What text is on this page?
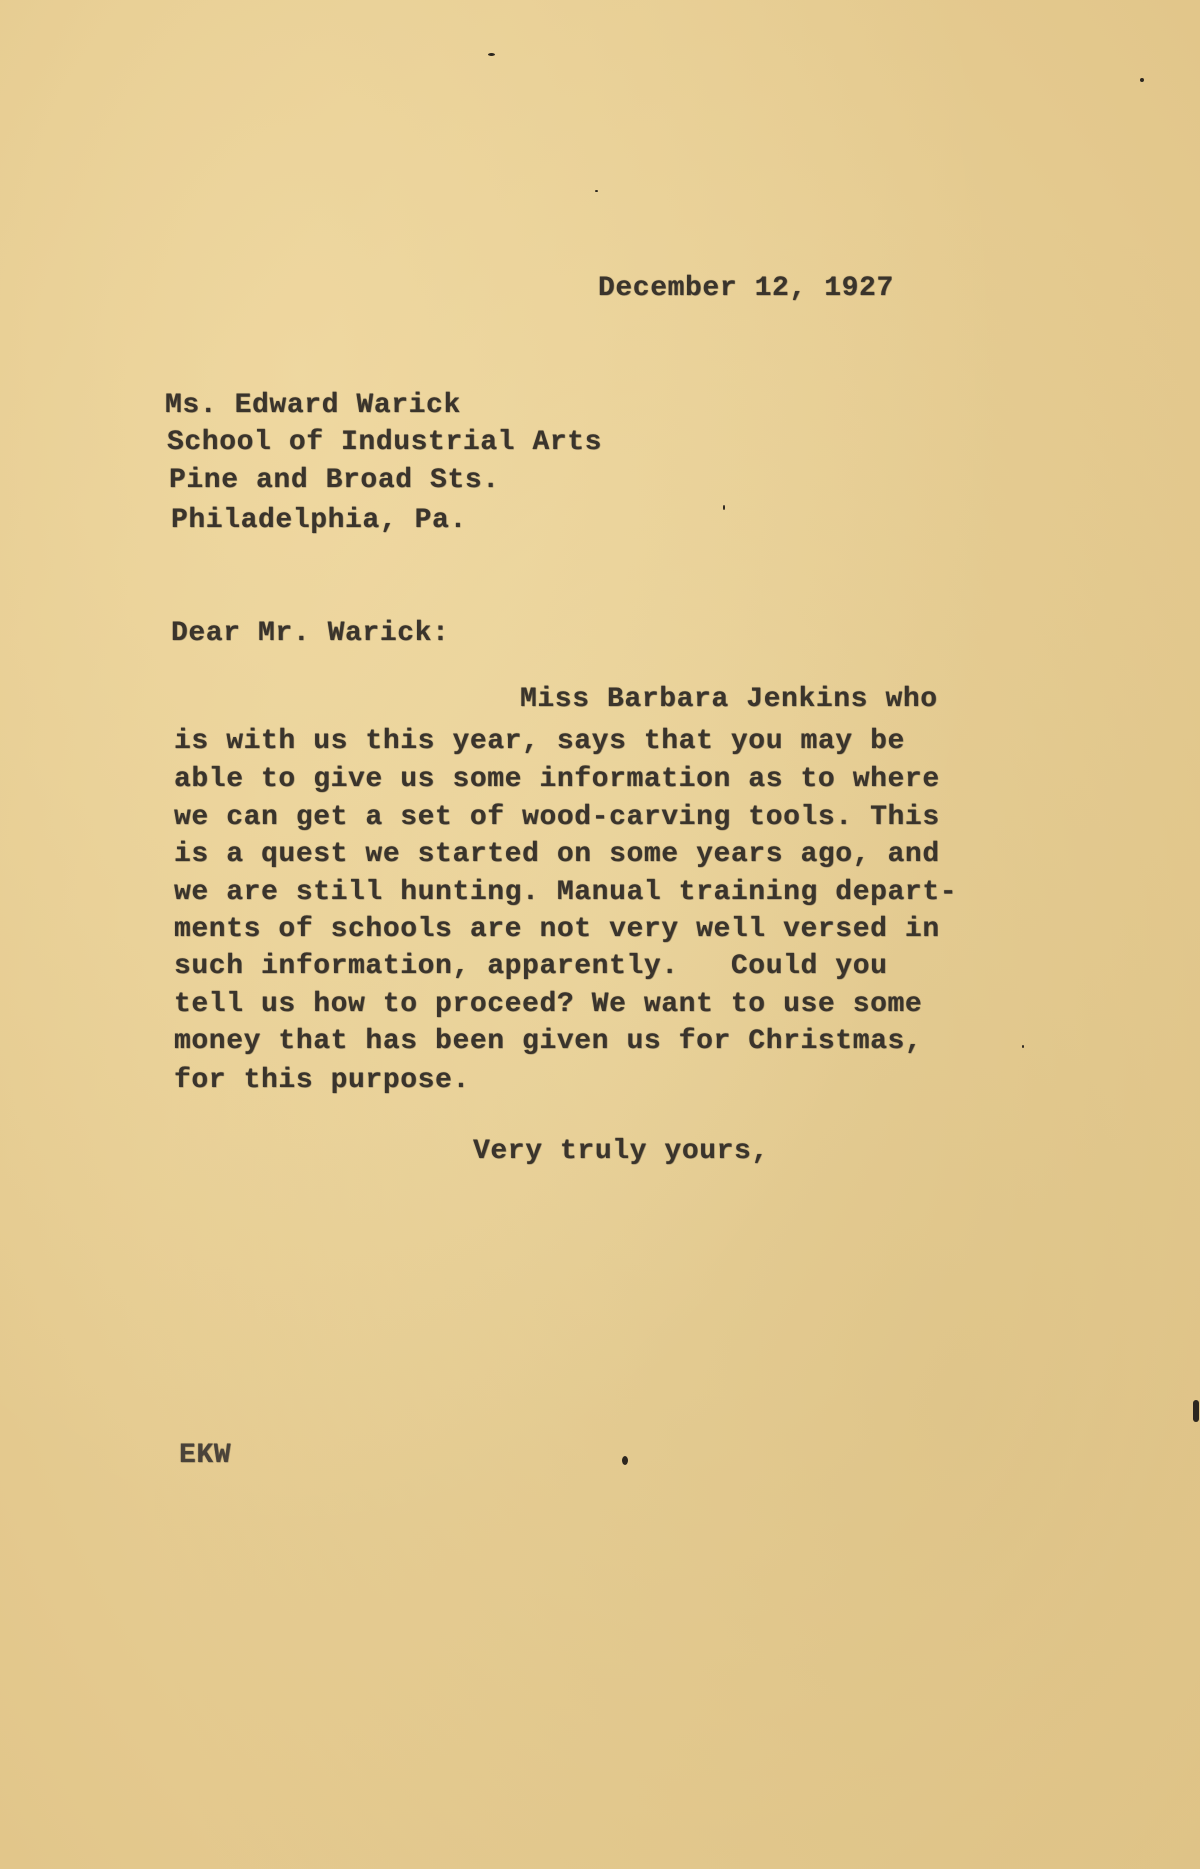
December 12, 1927

Ms. Edward Warick

School of Industrial Arts

Pine and Broad Sts.

Philadelphia, Pa.

Dear Mr. Warick:

Miss Barbara Jenkins who

is with us this year, says that you may be

able to give us some information as to where

we can get a set of wood-carving tools. This

is a quest we started on some years ago, and

we are still hunting. Manual training depart-

ments of schools are not very well versed in

such information, apparently.   Could you

tell us how to proceed? We want to use some

money that has been given us for Christmas,

for this purpose.

Very truly yours,

EKW
